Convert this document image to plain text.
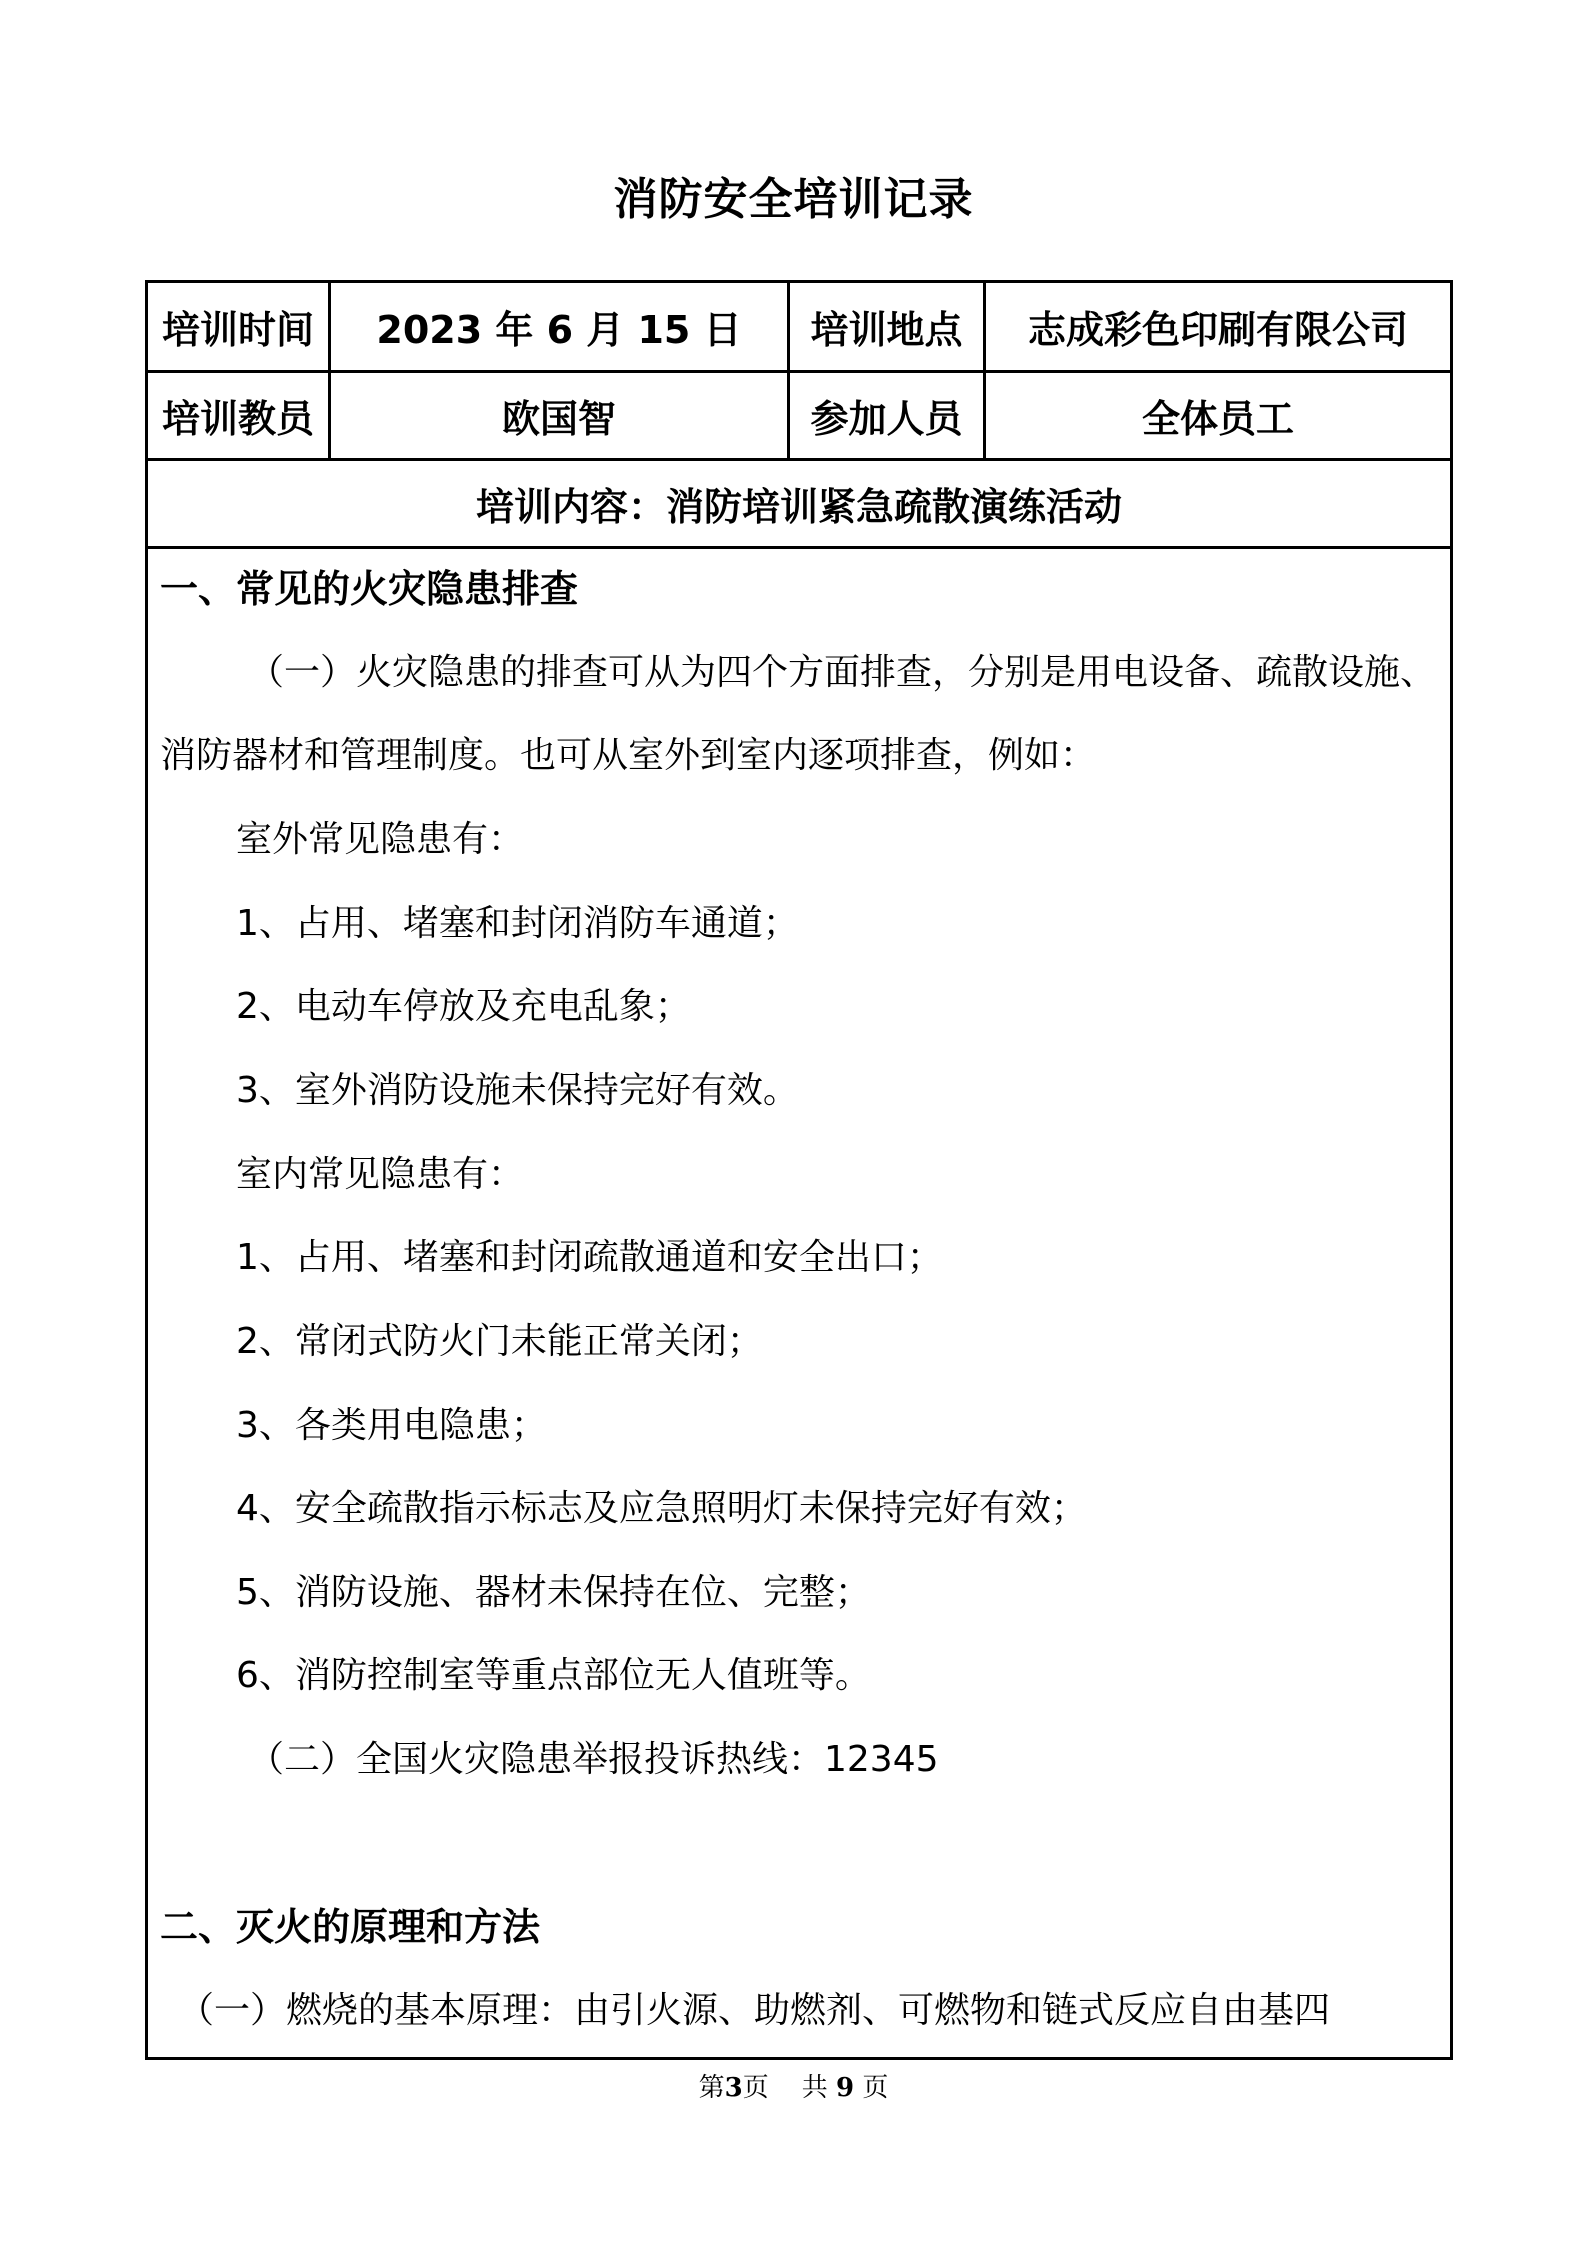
消防安全培训记录
培训时间	2023 年 6 月 15 日	培训地点	志成彩色印刷有限公司
培训教员	欧国智	参加人员	全体员工
培训内容：消防培训紧急疏散演练活动
一、常见的火灾隐患排查
（一）火灾隐患的排查可从为四个方面排查，分别是用电设备、疏散设施、
消防器材和管理制度。也可从室外到室内逐项排查，例如：
室外常见隐患有：
1、占用、堵塞和封闭消防车通道；
2、电动车停放及充电乱象；
3、室外消防设施未保持完好有效。
室内常见隐患有：
1、占用、堵塞和封闭疏散通道和安全出口；
2、常闭式防火门未能正常关闭；
3、各类用电隐患；
4、安全疏散指示标志及应急照明灯未保持完好有效；
5、消防设施、器材未保持在位、完整；
6、消防控制室等重点部位无人值班等。
（二）全国火灾隐患举报投诉热线：12345
二、灭火的原理和方法
（一）燃烧的基本原理：由引火源、助燃剂、可燃物和链式反应自由基四
第3页 共 9 页
